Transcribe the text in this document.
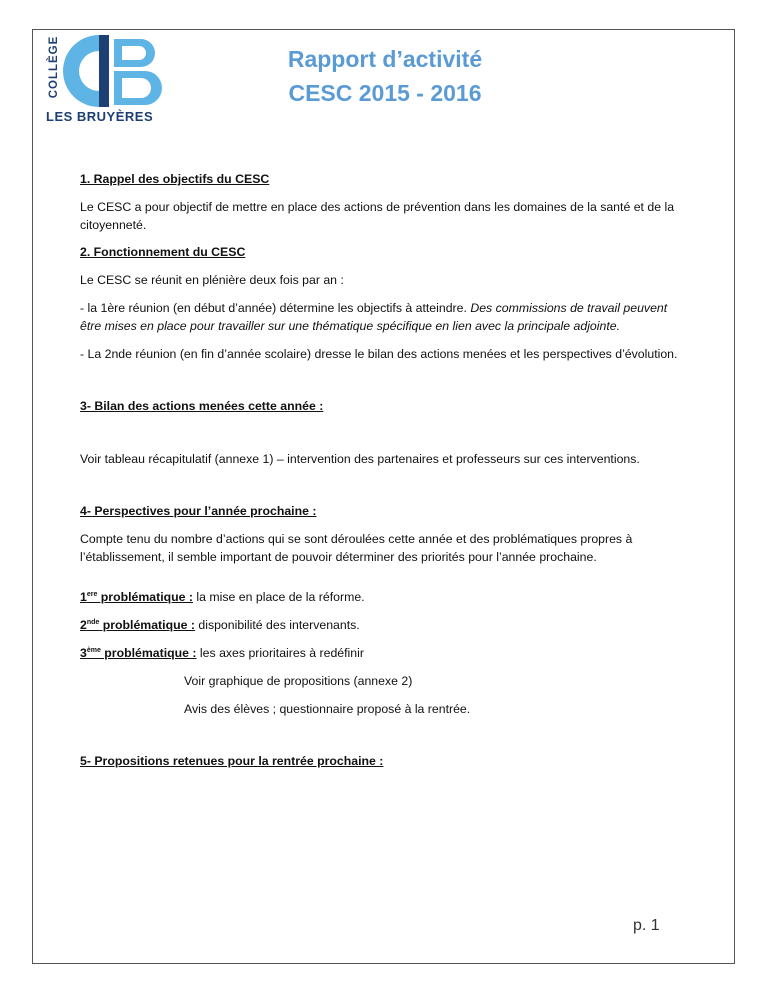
COLLÈGE
LES BRUYÈRES
Rapport d’activité
CESC 2015 - 2016

1. Rappel des objectifs du CESC

Le CESC a pour objectif de mettre en place des actions de prévention dans les domaines de la santé et de la citoyenneté.

2. Fonctionnement du CESC

Le CESC se réunit en plénière deux fois par an :

- la 1ère réunion (en début d’année) détermine les objectifs à atteindre. Des commissions de travail peuvent être mises en place pour travailler sur une thématique spécifique en lien avec la principale adjointe.

- La 2nde réunion (en fin d’année scolaire) dresse le bilan des actions menées et les perspectives d’évolution.

3- Bilan des actions menées cette année :

Voir tableau récapitulatif (annexe 1) – intervention des partenaires et professeurs sur ces interventions.

4- Perspectives pour l’année prochaine :

Compte tenu du nombre d’actions qui se sont déroulées cette année et des problématiques propres à l’établissement, il semble important de pouvoir déterminer des priorités pour l’année prochaine.

1ere problématique : la mise en place de la réforme.

2nde problématique : disponibilité des intervenants.

3ème problématique : les axes prioritaires à redéfinir

Voir graphique de propositions (annexe 2)

Avis des élèves ; questionnaire proposé à la rentrée.

5- Propositions retenues pour la rentrée prochaine :

p. 1
